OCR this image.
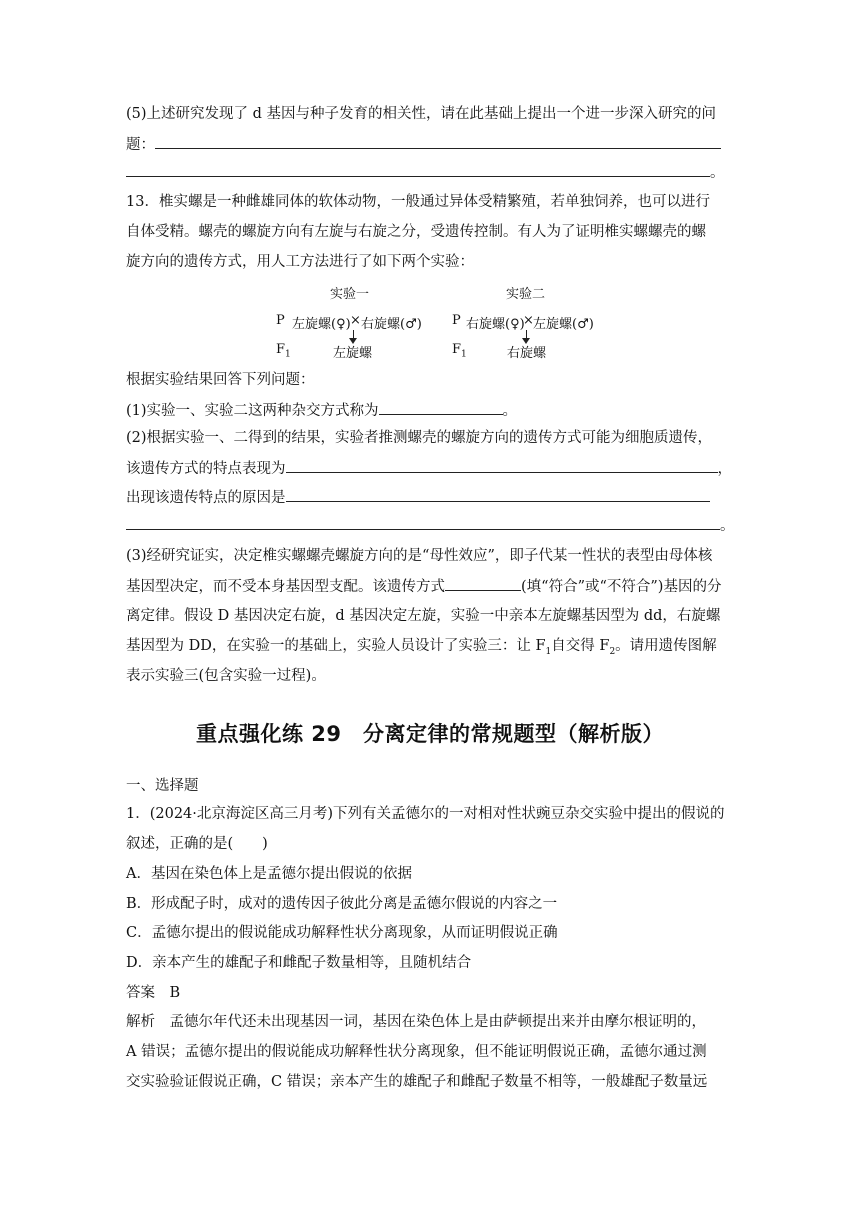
(5)上述研究发现了 d 基因与种子发育的相关性，请在此基础上提出一个进一步深入研究的问
题：
。
13．椎实螺是一种雌雄同体的软体动物，一般通过异体受精繁殖，若单独饲养，也可以进行
自体受精。螺壳的螺旋方向有左旋与右旋之分，受遗传控制。有人为了证明椎实螺螺壳的螺
旋方向的遗传方式，用人工方法进行了如下两个实验：
实验一	实验二
P 左旋螺(♀) × 右旋螺(♂)
$F_1$	左旋螺
P 右旋螺(♀)
× 左旋螺(♂)
$F_1$	右旋螺
根据实验结果回答下列问题：
(1)实验一、实验二这两种杂交方式称为	。
(2)根据实验一、二得到的结果，实验者推测螺壳的螺旋方向的遗传方式可能为细胞质遗传，
该遗传方式的特点表现为	，
出现该遗传特点的原因是
。
(3)经研究证实，决定椎实螺螺壳螺旋方向的是“母性效应”，即子代某一性状的表型由母体核
基因型决定，而不受本身基因型支配。该遗传方式	(填“符合”或“不符合”)基因的分
离定律。假设 D 基因决定右旋，d 基因决定左旋，实验一中亲本左旋螺基因型为 dd，右旋螺
基因型为 DD，在实验一的基础上，实验人员设计了实验三：让 $F_1$自交得 $F_2$。请用遗传图解
表示实验三(包含实验一过程)。
重点强化练 29　分离定律的常规题型（解析版）
一、选择题
1．(2024·北京海淀区高三月考)下列有关孟德尔的一对相对性状豌豆杂交实验中提出的假说的
叙述，正确的是(　　)
A．基因在染色体上是孟德尔提出假说的依据
B．形成配子时，成对的遗传因子彼此分离是孟德尔假说的内容之一
C．孟德尔提出的假说能成功解释性状分离现象，从而证明假说正确
D．亲本产生的雄配子和雌配子数量相等，且随机结合
答案　B
解析　孟德尔年代还未出现基因一词，基因在染色体上是由萨顿提出来并由摩尔根证明的，
A 错误；孟德尔提出的假说能成功解释性状分离现象，但不能证明假说正确，孟德尔通过测
交实验验证假说正确，C 错误；亲本产生的雄配子和雌配子数量不相等，一般雄配子数量远
